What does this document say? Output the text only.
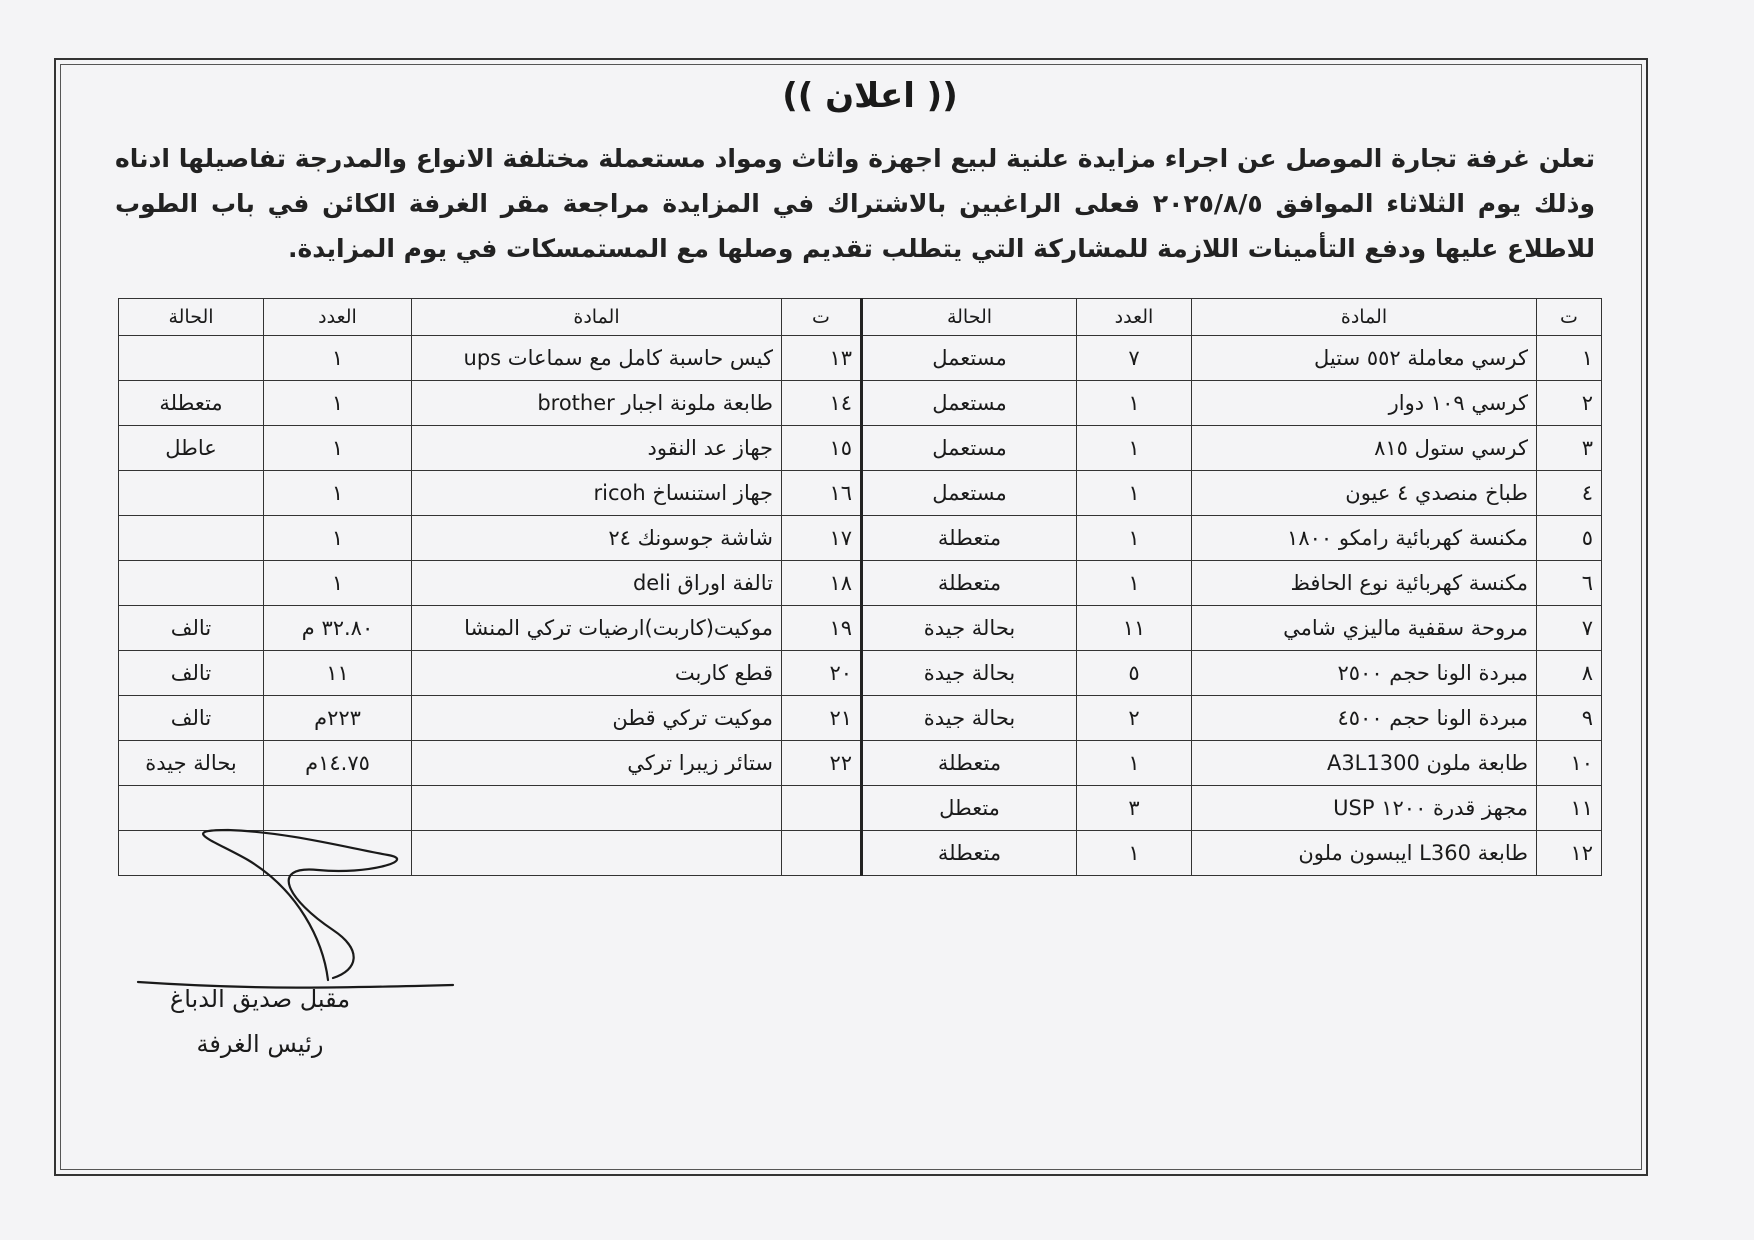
(( اعلان ))
تعلن غرفة تجارة الموصل عن اجراء مزايدة علنية لبيع اجهزة واثاث ومواد مستعملة مختلفة الانواع والمدرجة تفاصيلها ادناه وذلك يوم الثلاثاء الموافق ٢٠٢٥/٨/٥ فعلى الراغبين بالاشتراك في المزايدة مراجعة مقر الغرفة الكائن في باب الطوب للاطلاع عليها ودفع التأمينات اللازمة للمشاركة التي يتطلب تقديم وصلها مع المستمسكات في يوم المزايدة.
ت	المادة	العدد	الحالة	ت	المادة	العدد	الحالة
١	كرسي معاملة ٥٥٢ ستيل	٧	مستعمل	١٣	كيس حاسبة كامل مع سماعات ups	١	
٢	كرسي ١٠٩ دوار	١	مستعمل	١٤	طابعة ملونة اجبار brother	١	متعطلة
٣	كرسي ستول ٨١٥	١	مستعمل	١٥	جهاز عد النقود	١	عاطل
٤	طباخ منصدي ٤ عيون	١	مستعمل	١٦	جهاز استنساخ ricoh	١	
٥	مكنسة كهربائية رامكو ١٨٠٠	١	متعطلة	١٧	شاشة جوسونك ٢٤	١	
٦	مكنسة كهربائية نوع الحافظ	١	متعطلة	١٨	تالفة اوراق deli	١	
٧	مروحة سقفية ماليزي شامي	١١	بحالة جيدة	١٩	موكيت(كاربت)ارضيات تركي المنشا	٣٢.٨٠ م	تالف
٨	مبردة الونا حجم ٢٥٠٠	٥	بحالة جيدة	٢٠	قطع كاربت	١١	تالف
٩	مبردة الونا حجم ٤٥٠٠	٢	بحالة جيدة	٢١	موكيت تركي قطن	٢٢٣م	تالف
١٠	طابعة ملون A3L1300	١	متعطلة	٢٢	ستائر زيبرا تركي	١٤.٧٥م	بحالة جيدة
١١	مجهز قدرة ١٢٠٠ USP	٣	متعطل				
١٢	طابعة L360 ايبسون ملون	١	متعطلة				
مقبل صديق الدباغ
رئيس الغرفة
